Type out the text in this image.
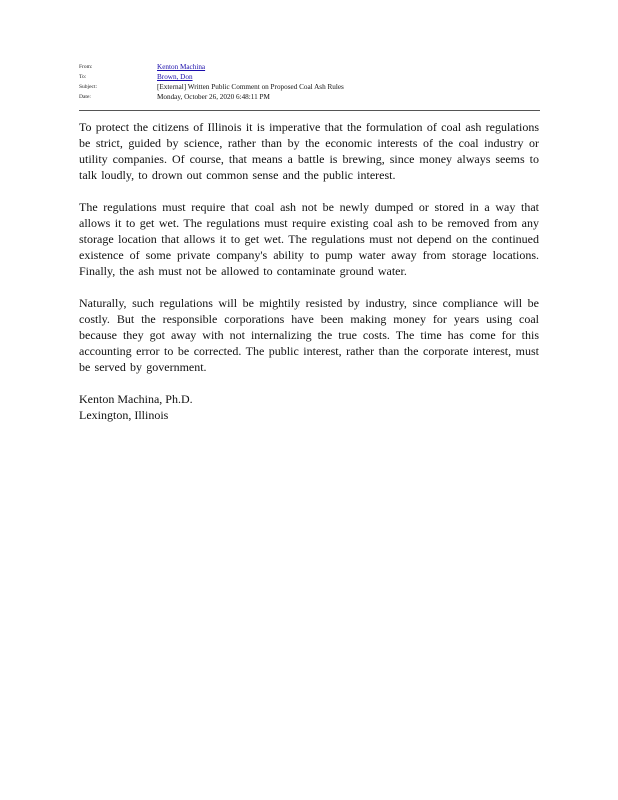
From:	Kenton Machina
To:	Brown, Don
Subject:	[External] Written Public Comment on Proposed Coal Ash Rules
Date:	Monday, October 26, 2020 6:48:11 PM

To protect the citizens of Illinois it is imperative that the formulation of coal ash regulations be strict, guided by science, rather than by the economic interests of the coal industry or utility companies. Of course, that means a battle is brewing, since money always seems to talk loudly, to drown out common sense and the public interest.

The regulations must require that coal ash not be newly dumped or stored in a way that allows it to get wet. The regulations must require existing coal ash to be removed from any storage location that allows it to get wet. The regulations must not depend on the continued existence of some private company's ability to pump water away from storage locations. Finally, the ash must not be allowed to contaminate ground water.

Naturally, such regulations will be mightily resisted by industry, since compliance will be costly. But the responsible corporations have been making money for years using coal because they got away with not internalizing the true costs. The time has come for this accounting error to be corrected. The public interest, rather than the corporate interest, must be served by government.

Kenton Machina, Ph.D.

Lexington, Illinois
